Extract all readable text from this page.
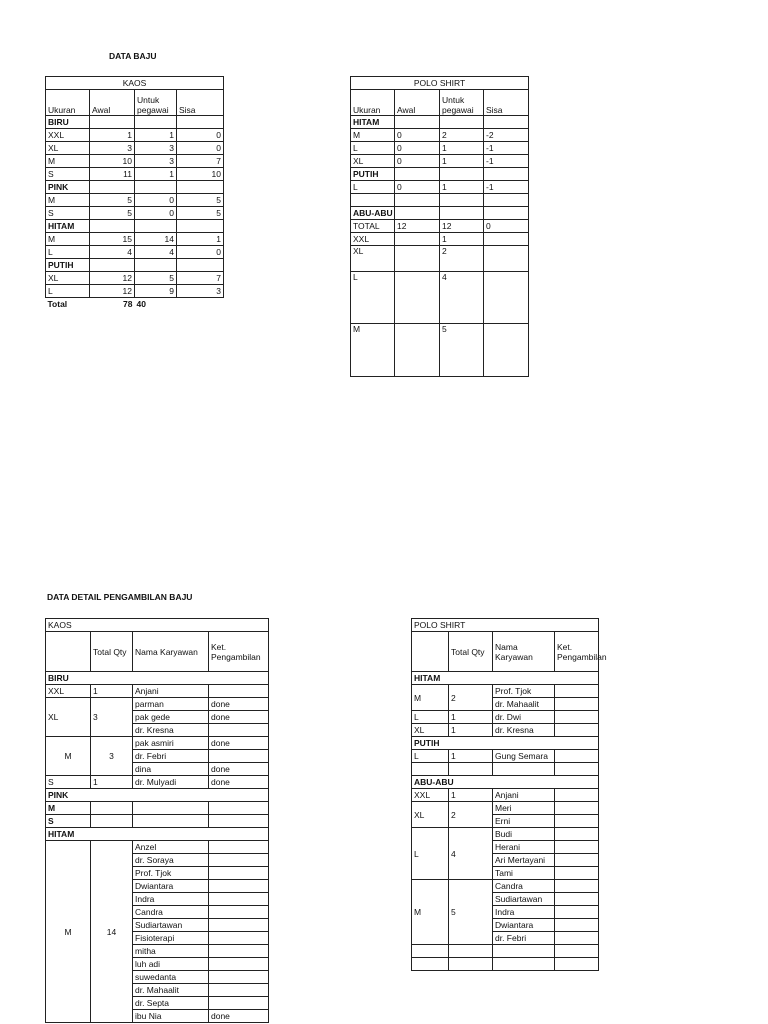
DATA BAJU
DATA DETAIL PENGAMBILAN BAJU
KAOS			
Ukuran	Awal	Untuk pegawai	Sisa
BIRU			
XXL	1	1	0
XL	3	3	0
M	10	3	7
S	11	1	10
PINK			
M	5	0	5
S	5	0	5
HITAM			
M	15	14	1
L	4	4	0
PUTIH			
XL	12	5	7
L	12	9	3
Total	78	40	
POLO SHIRT			
Ukuran	Awal	Untuk pegawai	Sisa
HITAM			
M	0	2	-2
L	0	1	-1
XL	0	1	-1
PUTIH			
L	0	1	-1

ABU-ABU			
TOTAL	12	12	0
XXL		1	
XL		2	
L		4	
M		5	
KAOS			
	Total Qty	Nama Karyawan	Ket. Pengambilan
BIRU			
XXL	1	Anjani	
XL	3	parman	done
		pak gede	done
		dr. Kresna	
M	3	pak asmiri	done
		dr. Febri	
		dina	done
S	1	dr. Mulyadi	done
PINK			
M			
S			
HITAM			
M	14	Anzel	
		dr. Soraya	
		Prof. Tjok	
		Dwiantara	
		Indra	
		Candra	
		Sudiartawan	
		Fisioterapi	
		mitha	
		luh adi	
		suwedanta	
		dr. Mahaalit	
		dr. Septa	
		ibu Nia	done
POLO SHIRT			
	Total Qty	Nama Karyawan	Ket. Pengambilan
HITAM			
M	2	Prof. Tjok	
		dr. Mahaalit	
L	1	dr. Dwi	
XL	1	dr. Kresna	
PUTIH			
L	1	Gung Semara	

ABU-ABU			
XXL	1	Anjani	
XL	2	Meri	
		Erni	
L	4	Budi	
		Herani	
		Ari Mertayani	
		Tami	
M	5	Candra	
		Sudiartawan	
		Indra	
		Dwiantara	
		dr. Febri	
